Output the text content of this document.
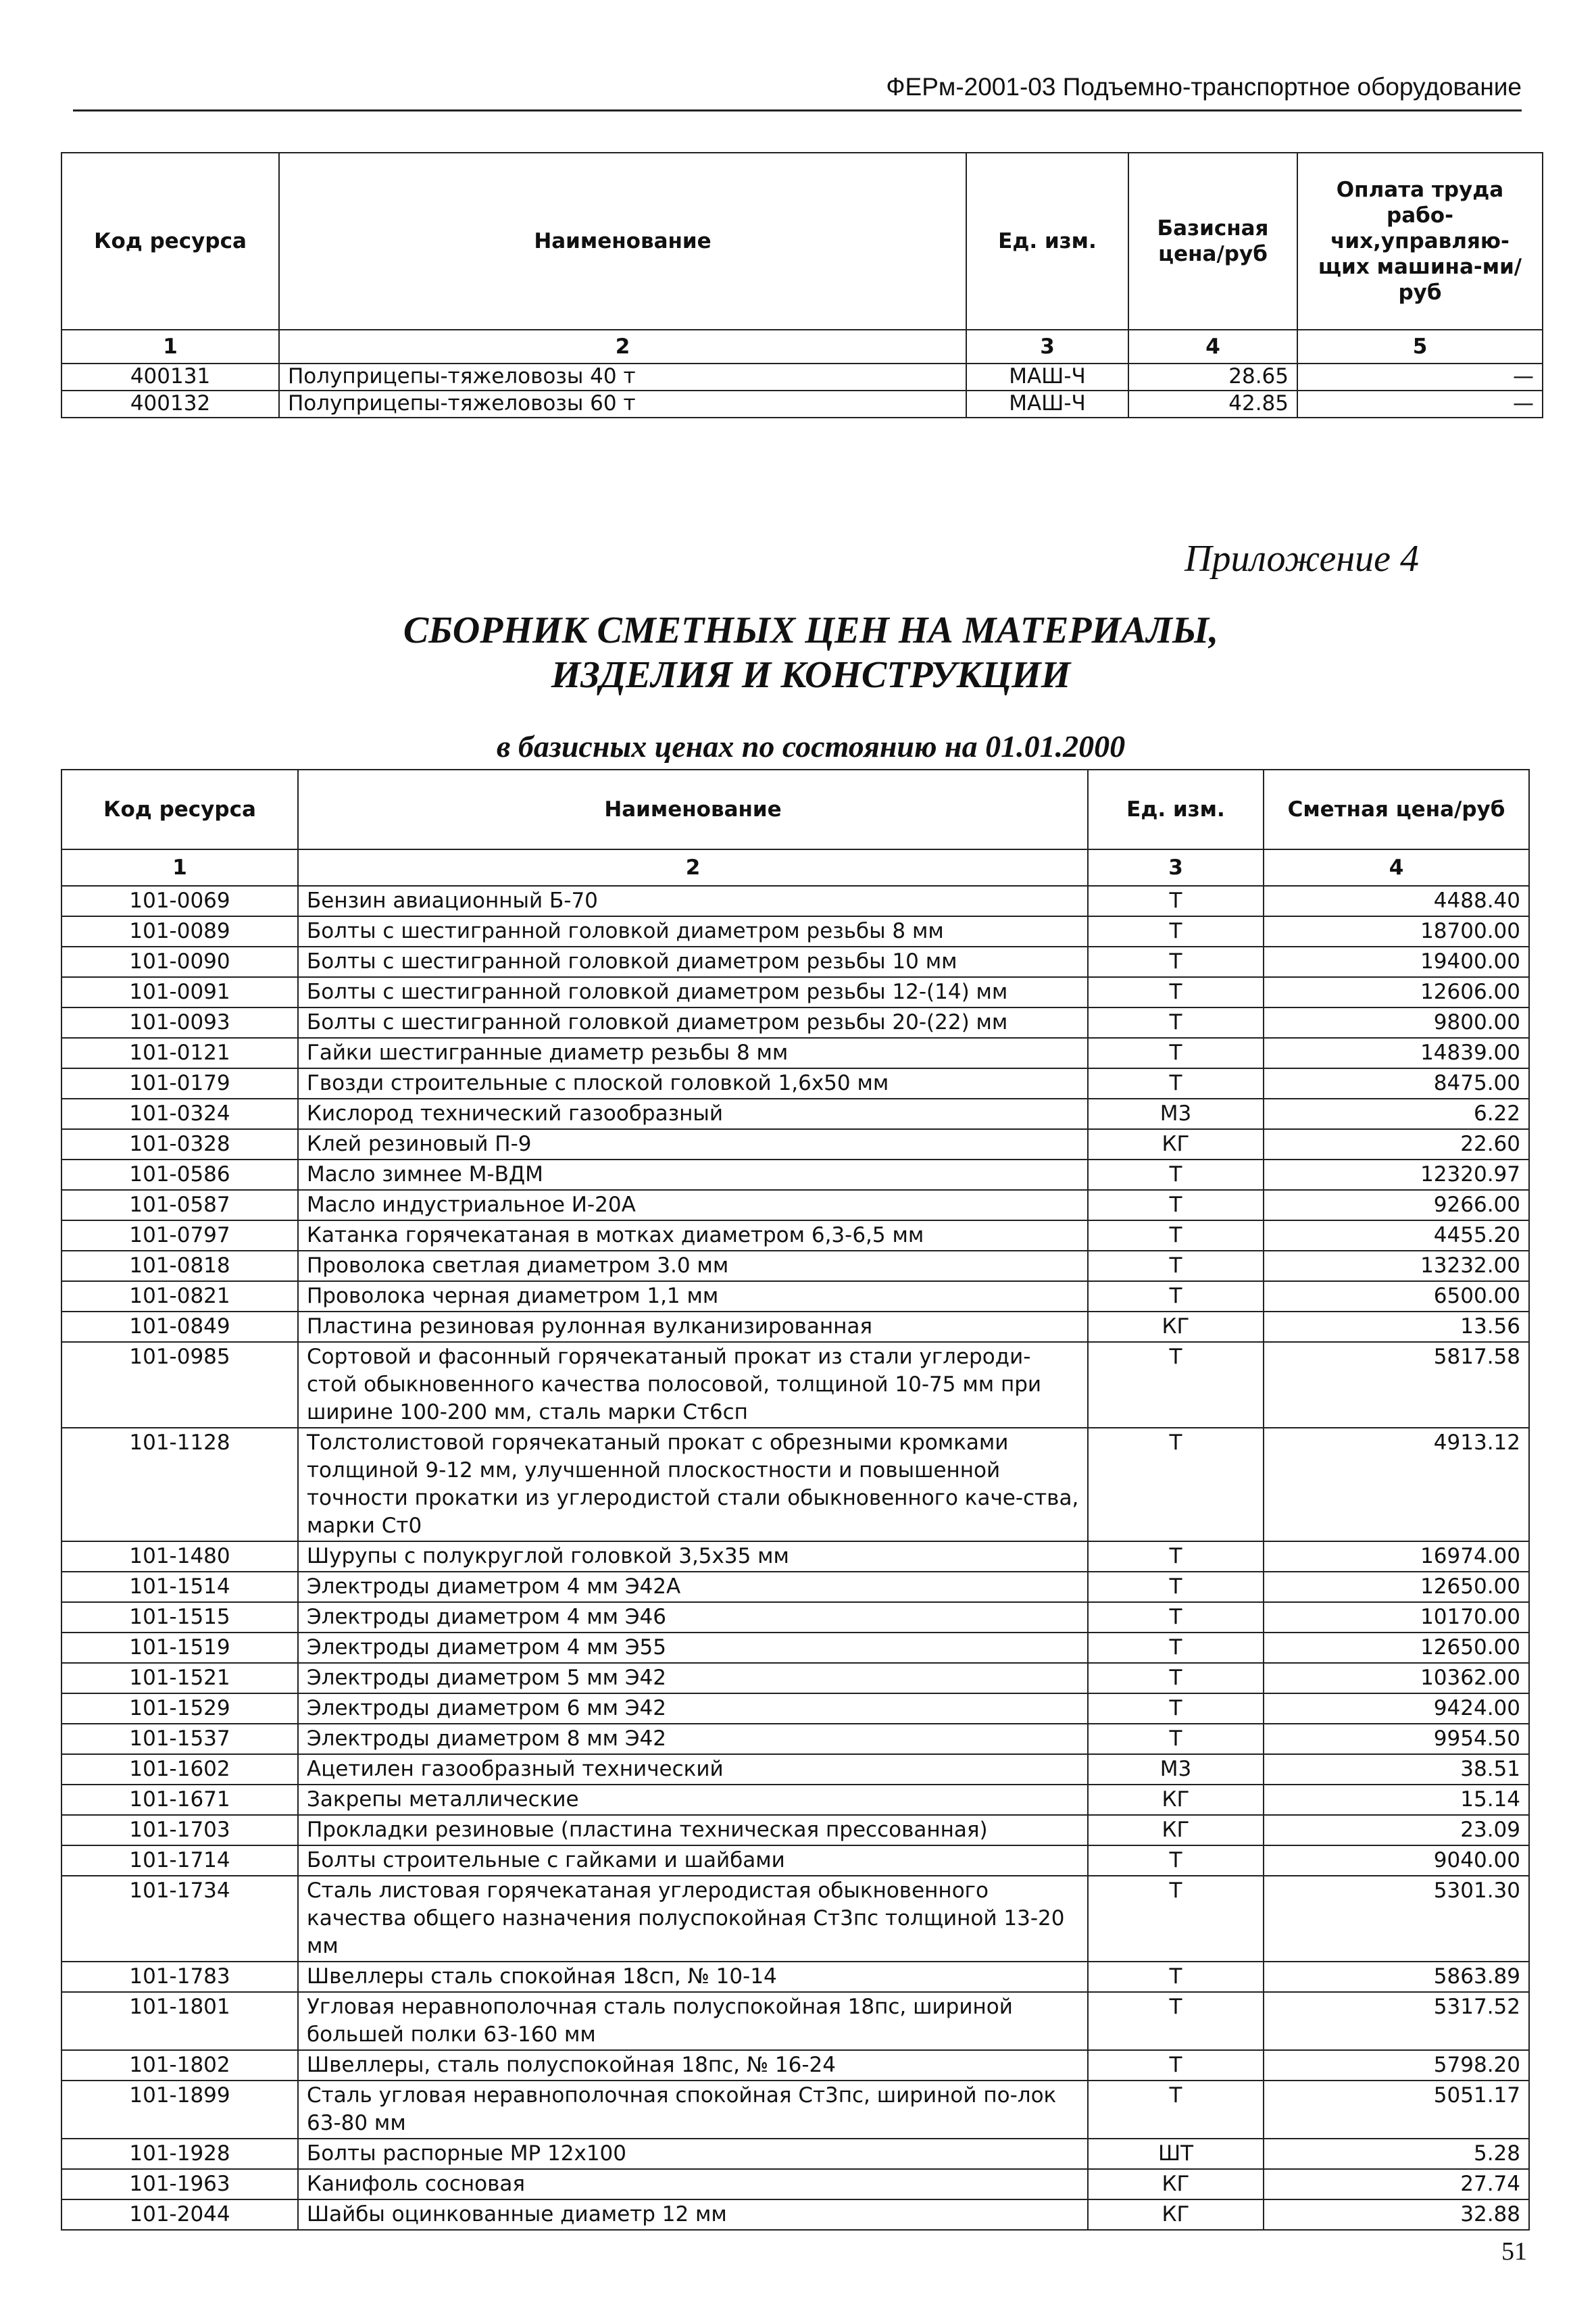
ФЕРм-2001-03 Подъемно-транспортное оборудование
Код ресурса	Наименование	Ед. изм.	Базисная цена/руб	Оплата труда рабо-чих,управляю-щих машина-ми/руб
1	2	3	4	5
400131	Полуприцепы-тяжеловозы 40 т	МАШ-Ч	28.65	—
400132	Полуприцепы-тяжеловозы 60 т	МАШ-Ч	42.85	—
Приложение 4
СБОРНИК СМЕТНЫХ ЦЕН НА МАТЕРИАЛЫ,
ИЗДЕЛИЯ И КОНСТРУКЦИИ
в базисных ценах по состоянию на 01.01.2000
Код ресурса	Наименование	Ед. изм.	Сметная цена/руб
1	2	3	4
101-0069	Бензин авиационный Б-70	Т	4488.40
101-0089	Болты с шестигранной головкой диаметром резьбы 8 мм	Т	18700.00
101-0090	Болты с шестигранной головкой диаметром резьбы 10 мм	Т	19400.00
101-0091	Болты с шестигранной головкой диаметром резьбы 12-(14) мм	Т	12606.00
101-0093	Болты с шестигранной головкой диаметром резьбы 20-(22) мм	Т	9800.00
101-0121	Гайки шестигранные диаметр резьбы 8 мм	Т	14839.00
101-0179	Гвозди строительные с плоской головкой 1,6х50 мм	Т	8475.00
101-0324	Кислород технический газообразный	М3	6.22
101-0328	Клей резиновый П-9	КГ	22.60
101-0586	Масло зимнее М-ВДМ	Т	12320.97
101-0587	Масло индустриальное И-20А	Т	9266.00
101-0797	Катанка горячекатаная в мотках диаметром 6,3-6,5 мм	Т	4455.20
101-0818	Проволока светлая диаметром 3.0 мм	Т	13232.00
101-0821	Проволока черная диаметром 1,1 мм	Т	6500.00
101-0849	Пластина резиновая рулонная вулканизированная	КГ	13.56
101-0985	Сортовой и фасонный горячекатаный прокат из стали углероди-стой обыкновенного качества полосовой, толщиной 10-75 мм при ширине 100-200 мм, сталь марки Ст6сп	Т	5817.58
101-1128	Толстолистовой горячекатаный прокат с обрезными кромками толщиной 9-12 мм, улучшенной плоскостности и повышенной точности прокатки из углеродистой стали обыкновенного каче-ства, марки Ст0	Т	4913.12
101-1480	Шурупы с полукруглой головкой 3,5х35 мм	Т	16974.00
101-1514	Электроды диаметром 4 мм Э42А	Т	12650.00
101-1515	Электроды диаметром 4 мм Э46	Т	10170.00
101-1519	Электроды диаметром 4 мм Э55	Т	12650.00
101-1521	Электроды диаметром 5 мм Э42	Т	10362.00
101-1529	Электроды диаметром 6 мм Э42	Т	9424.00
101-1537	Электроды диаметром 8 мм Э42	Т	9954.50
101-1602	Ацетилен газообразный технический	М3	38.51
101-1671	Закрепы металлические	КГ	15.14
101-1703	Прокладки резиновые (пластина техническая прессованная)	КГ	23.09
101-1714	Болты строительные с гайками и шайбами	Т	9040.00
101-1734	Сталь листовая горячекатаная углеродистая обыкновенного качества общего назначения полуспокойная Ст3пс толщиной 13-20 мм	Т	5301.30
101-1783	Швеллеры сталь спокойная 18сп, № 10-14	Т	5863.89
101-1801	Угловая неравнополочная сталь полуспокойная 18пс, шириной большей полки 63-160 мм	Т	5317.52
101-1802	Швеллеры, сталь полуспокойная 18пс, № 16-24	Т	5798.20
101-1899	Сталь угловая неравнополочная спокойная Ст3пс, шириной по-лок 63-80 мм	Т	5051.17
101-1928	Болты распорные МР 12х100	ШТ	5.28
101-1963	Канифоль сосновая	КГ	27.74
101-2044	Шайбы оцинкованные диаметр 12 мм	КГ	32.88
51
